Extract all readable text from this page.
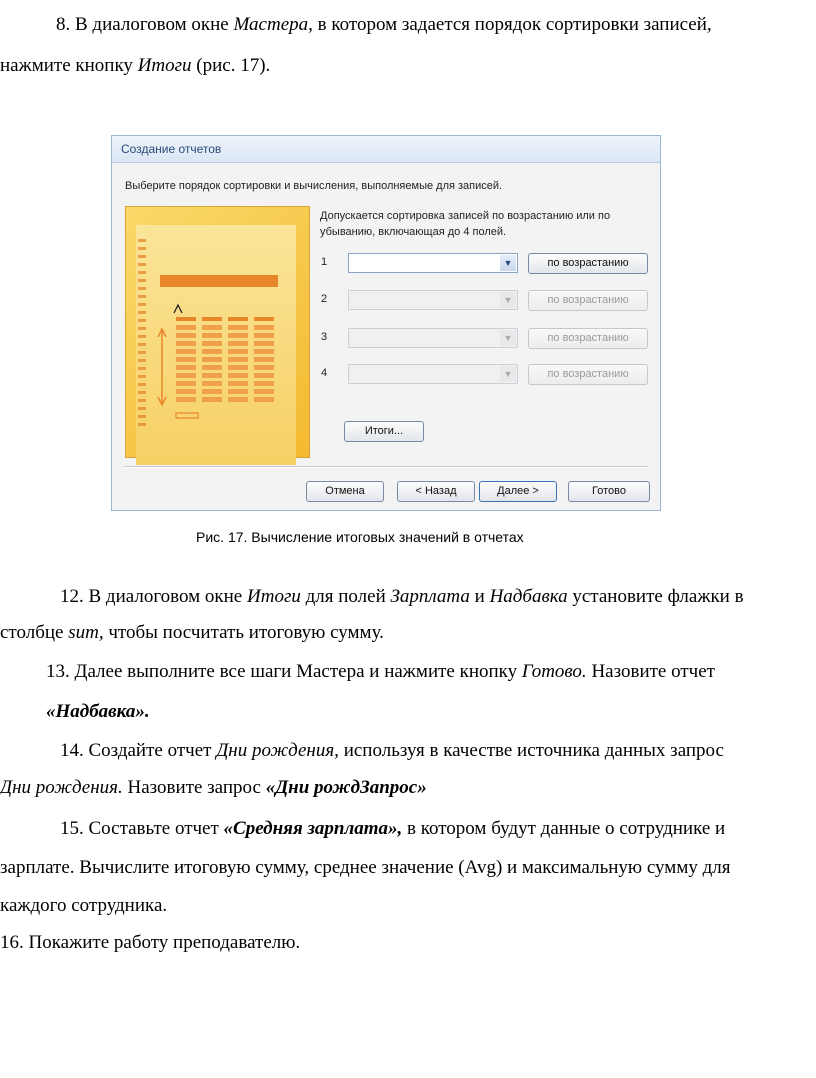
8. В диалоговом окне Мастера, в котором задается порядок сортировки записей,
нажмите кнопку Итоги (рис. 17).
Создание отчетов
Выберите порядок сортировки и вычисления, выполняемые для записей.
Допускается сортировка записей по возрастанию или по убыванию, включающая до 4 полей.
1	▼	по возрастанию
2	▼	по возрастанию
3	▼	по возрастанию
4	▼	по возрастанию
Итоги...
Отмена	< Назад	Далее >	Готово
Рис. 17. Вычисление итоговых значений в отчетах
12. В диалоговом окне Итоги для полей Зарплата и Надбавка установите флажки в
столбце sum, чтобы посчитать итоговую сумму.
13. Далее выполните все шаги Мастера и нажмите кнопку Готово. Назовите отчет
«Надбавка».
14. Создайте отчет Дни рождения, используя в качестве источника данных запрос
Дни рождения. Назовите запрос «Дни рождЗапрос»
15. Составьте отчет «Средняя зарплата», в котором будут данные о сотруднике и
зарплате. Вычислите итоговую сумму, среднее значение (Avg) и максимальную сумму для
каждого сотрудника.
16. Покажите работу преподавателю.
